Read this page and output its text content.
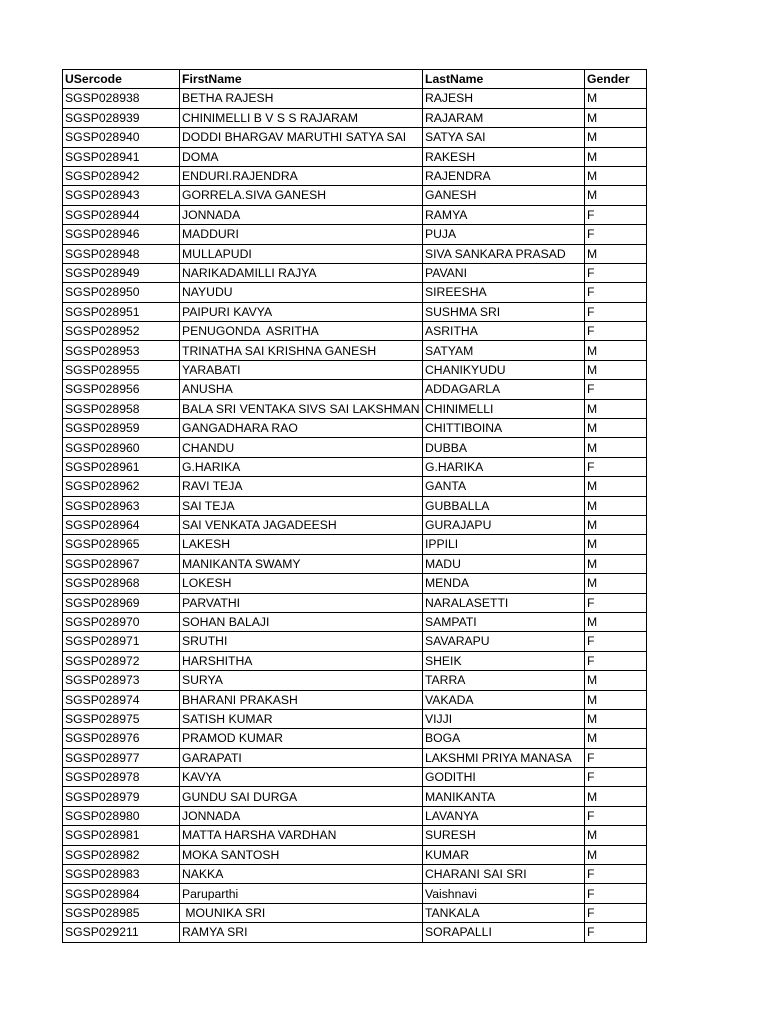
USercode	FirstName	LastName	Gender
SGSP028938	BETHA RAJESH	RAJESH	M
SGSP028939	CHINIMELLI B V S S RAJARAM	RAJARAM	M
SGSP028940	DODDI BHARGAV MARUTHI SATYA SAI	SATYA SAI	M
SGSP028941	DOMA	RAKESH	M
SGSP028942	ENDURI.RAJENDRA	RAJENDRA	M
SGSP028943	GORRELA.SIVA GANESH	GANESH	M
SGSP028944	JONNADA	RAMYA	F
SGSP028946	MADDURI	PUJA	F
SGSP028948	MULLAPUDI	SIVA SANKARA PRASAD	M
SGSP028949	NARIKADAMILLI RAJYA	PAVANI	F
SGSP028950	NAYUDU	SIREESHA	F
SGSP028951	PAIPURI KAVYA	SUSHMA SRI	F
SGSP028952	PENUGONDA  ASRITHA	ASRITHA	F
SGSP028953	TRINATHA SAI KRISHNA GANESH	SATYAM	M
SGSP028955	YARABATI	CHANIKYUDU	M
SGSP028956	ANUSHA	ADDAGARLA	F
SGSP028958	BALA SRI VENTAKA SIVS SAI LAKSHMAN	CHINIMELLI	M
SGSP028959	GANGADHARA RAO	CHITTIBOINA	M
SGSP028960	CHANDU	DUBBA	M
SGSP028961	G.HARIKA	G.HARIKA	F
SGSP028962	RAVI TEJA	GANTA	M
SGSP028963	SAI TEJA	GUBBALLA	M
SGSP028964	SAI VENKATA JAGADEESH	GURAJAPU	M
SGSP028965	LAKESH	IPPILI	M
SGSP028967	MANIKANTA SWAMY	MADU	M
SGSP028968	LOKESH	MENDA	M
SGSP028969	PARVATHI	NARALASETTI	F
SGSP028970	SOHAN BALAJI	SAMPATI	M
SGSP028971	SRUTHI	SAVARAPU	F
SGSP028972	HARSHITHA	SHEIK	F
SGSP028973	SURYA	TARRA	M
SGSP028974	BHARANI PRAKASH	VAKADA	M
SGSP028975	SATISH KUMAR	VIJJI	M
SGSP028976	PRAMOD KUMAR	BOGA	M
SGSP028977	GARAPATI	LAKSHMI PRIYA MANASA	F
SGSP028978	KAVYA	GODITHI	F
SGSP028979	GUNDU SAI DURGA	MANIKANTA	M
SGSP028980	JONNADA	LAVANYA	F
SGSP028981	MATTA HARSHA VARDHAN	SURESH	M
SGSP028982	MOKA SANTOSH	KUMAR	M
SGSP028983	NAKKA	CHARANI SAI SRI	F
SGSP028984	Paruparthi	Vaishnavi	F
SGSP028985	MOUNIKA SRI	TANKALA	F
SGSP029211	RAMYA SRI	SORAPALLI	F
